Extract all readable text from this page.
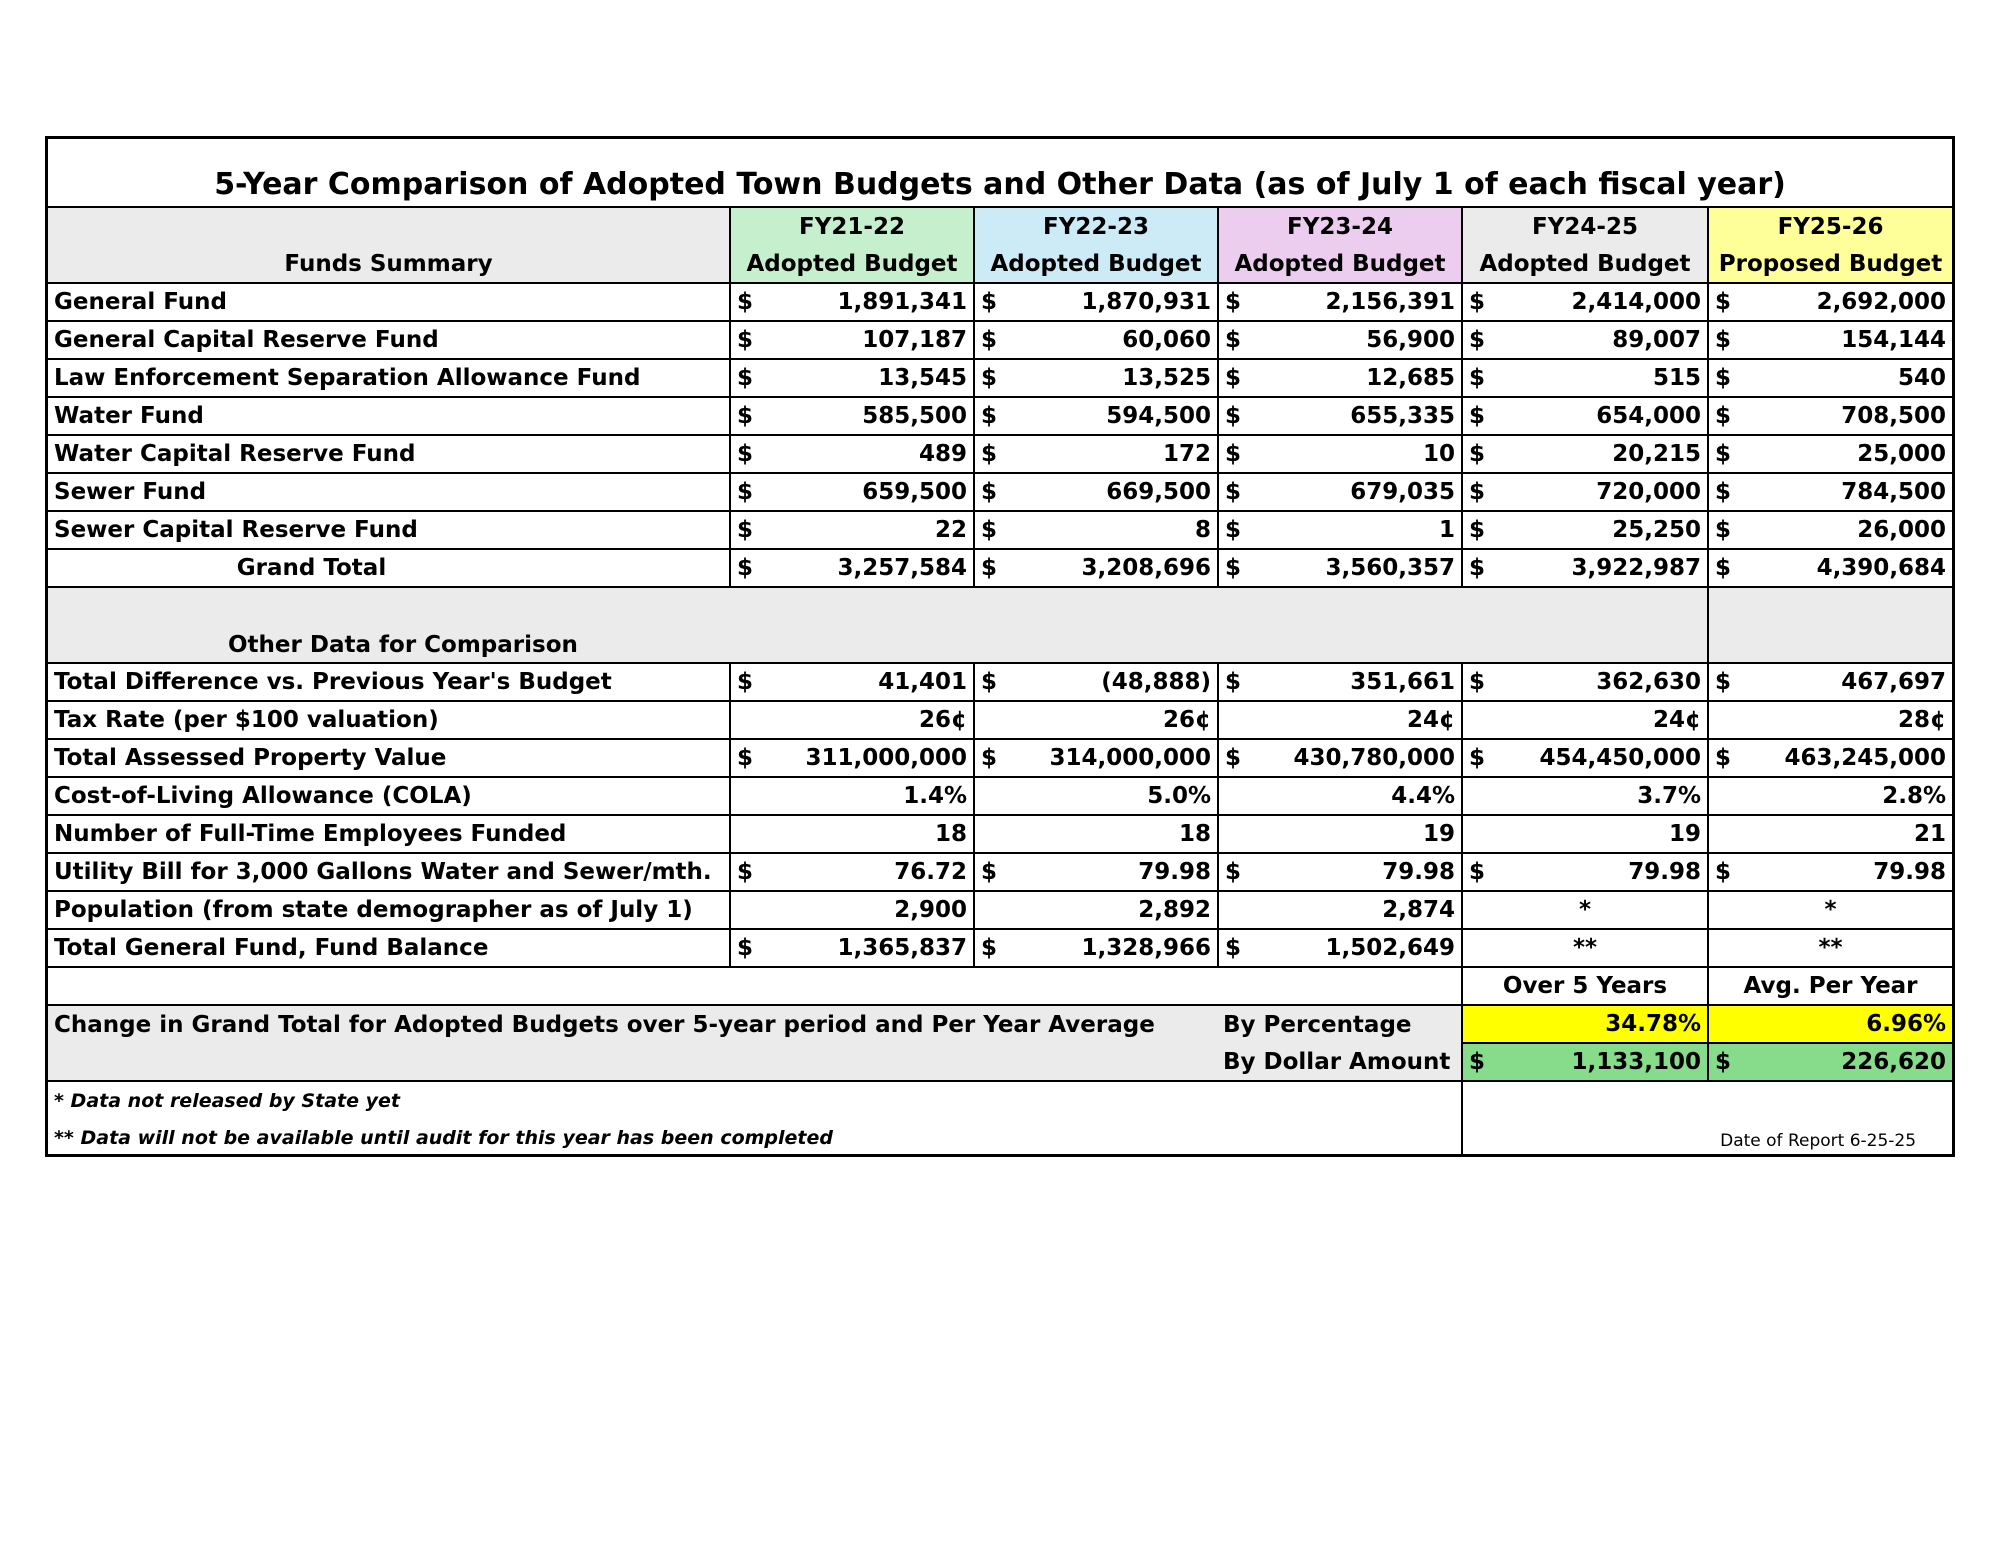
5-Year Comparison of Adopted Town Budgets and Other Data (as of July 1 of each fiscal year)					
	FY21-22	FY22-23	FY23-24	FY24-25	FY25-26
Funds Summary	Adopted Budget	Adopted Budget	Adopted Budget	Adopted Budget	Proposed Budget
General Fund	$ 1,891,341	$ 1,870,931	$ 2,156,391	$ 2,414,000	$ 2,692,000

General Capital Reserve Fund	$ 107,187	$ 60,060	$ 56,900	$ 89,007	$ 154,144

Law Enforcement Separation Allowance Fund	$ 13,545	$ 13,525	$ 12,685	$ 515	$ 540

Water Fund	$ 585,500	$ 594,500	$ 655,335	$ 654,000	$ 708,500

Water Capital Reserve Fund	$ 489	$ 172	$ 10	$ 20,215	$ 25,000

Sewer Fund	$ 659,500	$ 669,500	$ 679,035	$ 720,000	$ 784,500

Sewer Capital Reserve Fund	$ 22	$ 8	$ 1	$ 25,250	$ 26,000

Grand Total	$ 3,257,584	$ 3,208,696	$ 3,560,357	$ 3,922,987	$ 4,390,684

Other Data for Comparison					
Total Difference vs. Previous Year's Budget	$ 41,401	$ (48,888)	$ 351,661	$ 362,630	$ 467,697

Tax Rate (per $100 valuation)	26¢	26¢	24¢	24¢	28¢
Total Assessed Property Value	$ 311,000,000	$ 314,000,000	$ 430,780,000	$ 454,450,000	$ 463,245,000

Cost-of-Living Allowance (COLA)	1.4%	5.0%	4.4%	3.7%	2.8%
Number of Full-Time Employees Funded	18	18	19	19	21
Utility Bill for 3,000 Gallons Water and Sewer/mth.	$ 76.72	$ 79.98	$ 79.98	$ 79.98	$ 79.98

Population (from state demographer as of July 1)	2,900	2,892	2,874	*	*
Total General Fund, Fund Balance	$ 1,365,837	$ 1,328,966	$ 1,502,649	**	**
				Over 5 Years	Avg. Per Year
Change in Grand Total for Adopted Budgets over 5-year period and Per Year Average			By Percentage	34.78%	6.96%
			By Dollar Amount	$ 1,133,100	$ 226,620

* Data not released by State yet				Date of Report 6-25-25	
** Data will not be available until audit for this year has been completed					
